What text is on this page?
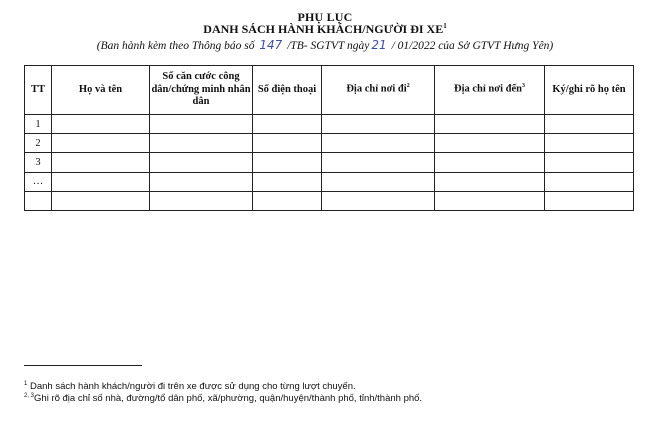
PHỤ LỤC
DANH SÁCH HÀNH KHÁCH/NGƯỜI ĐI $XE^1$
(Ban hành kèm theo Thông báo số 147 /TB- SGTVT ngày 21 / 01/2022 của Sở GTVT Hưng Yên)
TT	Họ và tên	Số căn cước công dân/chứng minh nhân dân	Số điện thoại	Địa chỉ nơi $đi^2$	Địa chỉ nơi đến$^3$	Ký/ghi rõ họ tên
1						
2						
3						
…						

$^1$ Danh sách hành khách/người đi trên xe được sử dụng cho từng lượt chuyến.
$^{2, 3}$Ghi rõ địa chỉ số nhà, đường/tổ dân phố, xã/phường, quận/huyện/thành phố, tỉnh/thành phố.
